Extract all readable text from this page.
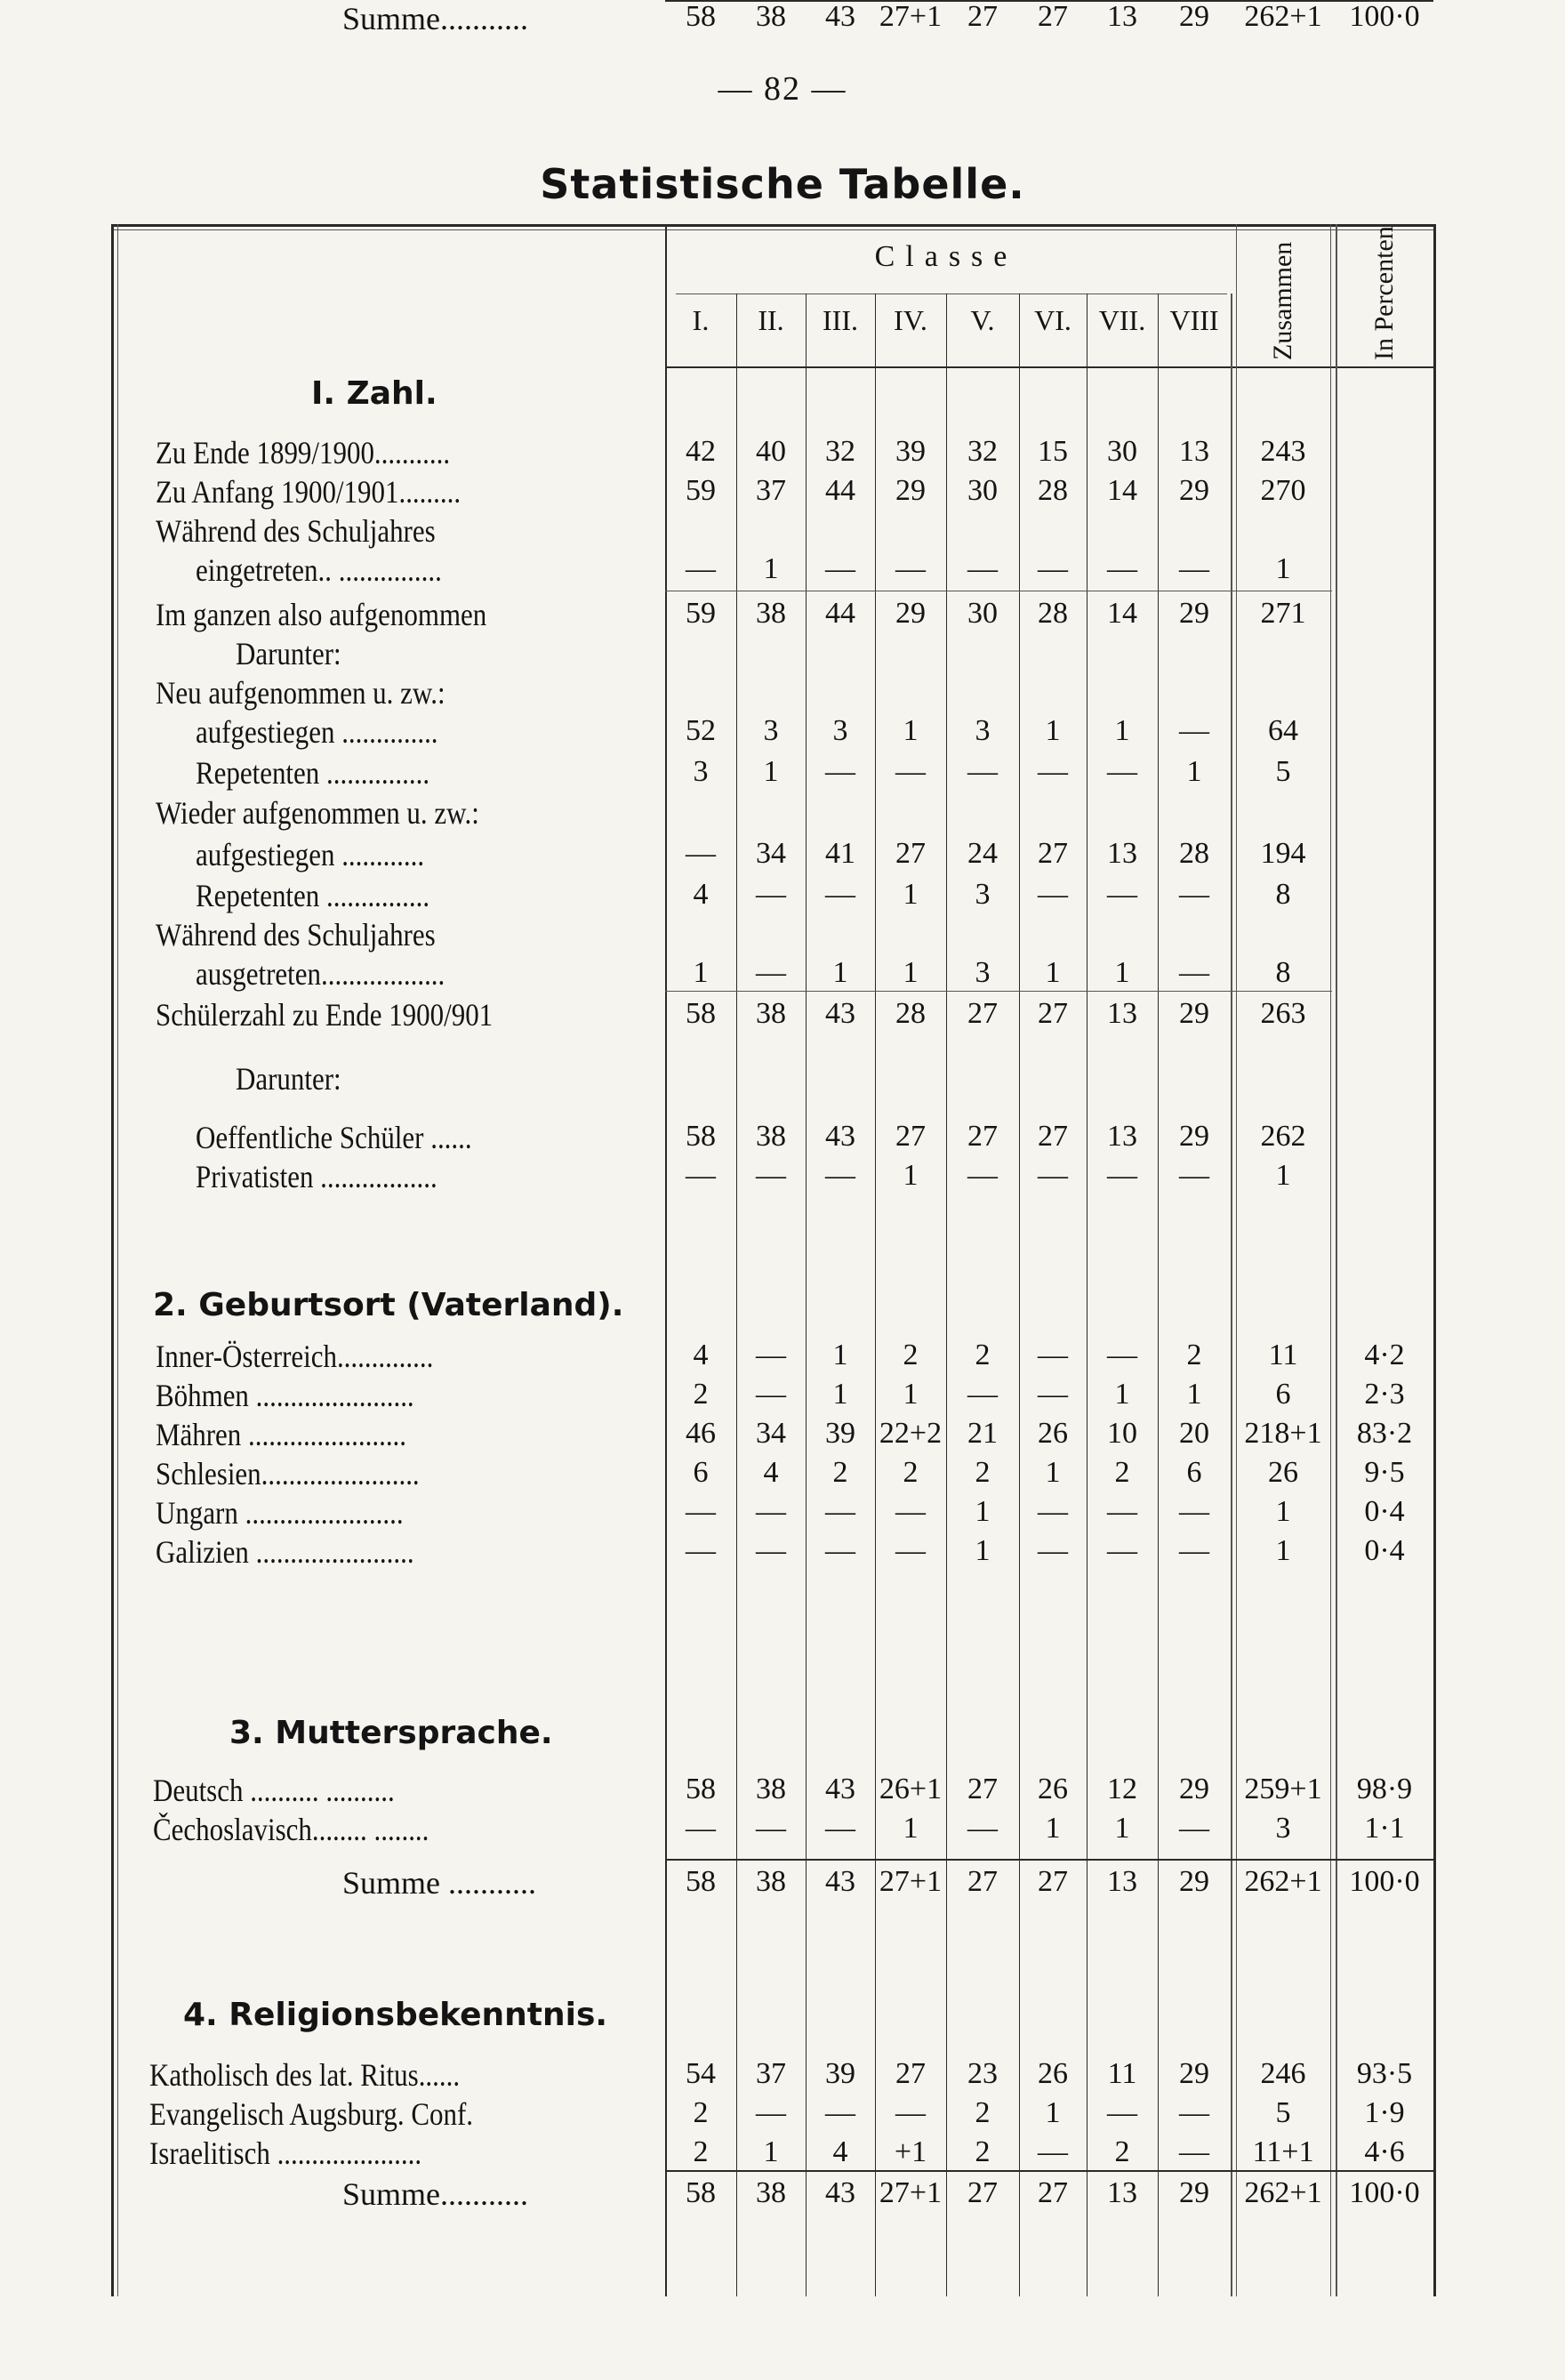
— 82 —
Statistische Tabelle.
Classe
I.	II.	III.	IV.	V.	VI. VII. VIII	Zusammen	In Percenten
I. Zahl.
Zu Ende 1899/1900...........	42	40	32	39	32	15	30	13	243
Zu Anfang 1900/1901.........	59	37	44	29	30	28	14	29	270
Während des Schuljahres
eingetreten.. ...............	—	1	—	—	—	—	—	—	1
Im ganzen also aufgenommen	59	38	44	29	30	28	14	29	271
Darunter:
Neu aufgenommen u. zw.:
aufgestiegen ..............	52	3	3	1	3	1	1	—	64
Repetenten ...............	3	1	—	—	—	—	—	1	5
Wieder aufgenommen u. zw.:
aufgestiegen ............	—	34	41	27	24	27	13	28	194
Repetenten ...............	4	—	—	1	3	—	—	—	8
Während des Schuljahres
ausgetreten..................	1	—	1	1	3	1	1	—	8
Schülerzahl zu Ende 1900/901	58	38	43	28	27	27	13	29	263
Darunter:
Oeffentliche Schüler ......	58	38	43	27	27	27	13	29	262
Privatisten .................	—	—	—	1	—	—	—	—	1
2. Geburtsort (Vaterland).
Inner-Österreich..............	4	—	1	2	2	—	—	2	11	4·2
Böhmen .......................	2	—	1	1	—	—	1	1	6	2·3
Mähren .......................	46	34	39 22+2 21	26	10	20	218+1	83·2
Schlesien.......................	6	4	2	2	2	1	2	6	26	9·5
Ungarn .......................	—	—	—	—	1	—	—	—	1	0·4
Galizien .......................	—	—	—	—	1	—	—	—	1	0·4
Summe ...........	58	38	43 27+1 27	27	13	29	262+1 100·0
3. Muttersprache.
Deutsch .......... ..........	58	38	43 26+1 27	26	12	29	259+1	98·9
Čechoslavisch........ ........	—	—	—	1	—	1	1	—	3	1·1
Summe...........	58	38	43 27+1 27	27	13	29	262+1 100·0
4. Religionsbekenntnis.
Katholisch des lat. Ritus......	54	37	39	27	23	26	11	29	246	93·5
Evangelisch Augsburg. Conf.	2	—	—	—	2	1	—	—	5	1·9
Israelitisch .....................	2	1	4	+1	2	—	2	—	11+1	4·6
Summe...........	58	38	43 27+1 27	27	13	29	262+1 100·0
